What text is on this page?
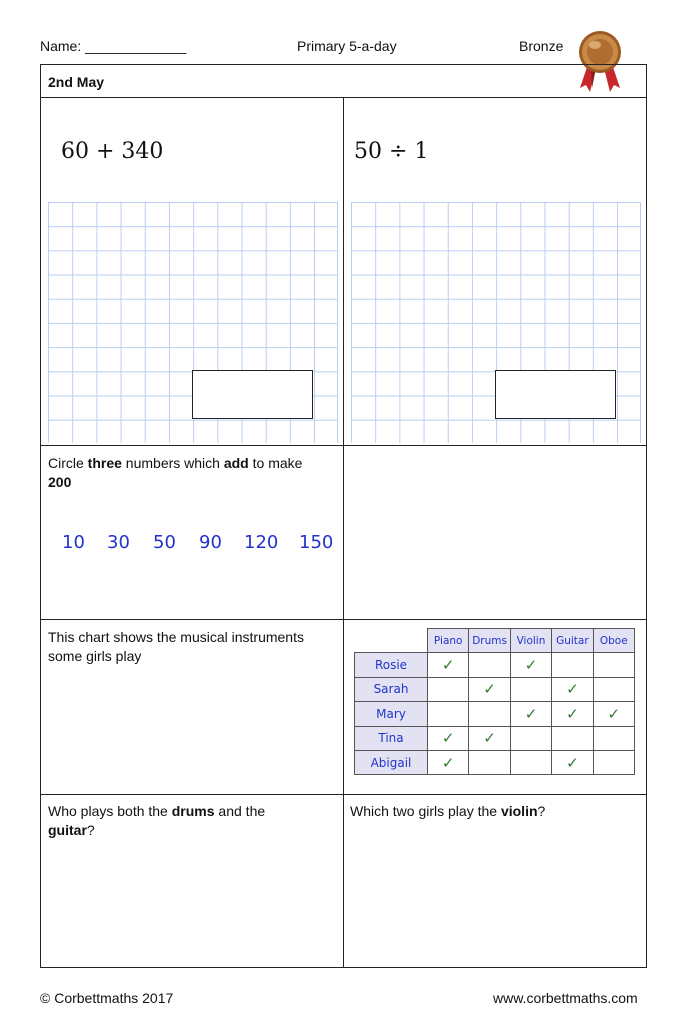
Name: _____________	Primary 5-a-day	Bronze
2nd May
60 + 340	50 ÷ 1
Circle three numbers which add to make
200
10	30	50	90	120	150
This chart shows the musical instruments some girls play
	Piano	Drums	Violin	Guitar	Oboe
Rosie	✓		✓		
Sarah		✓		✓	
Mary			✓	✓	✓
Tina	✓	✓			
Abigail	✓			✓	
Who plays both the drums and the
guitar?
Which two girls play the violin?
© Corbettmaths 2017	www.corbettmaths.com
